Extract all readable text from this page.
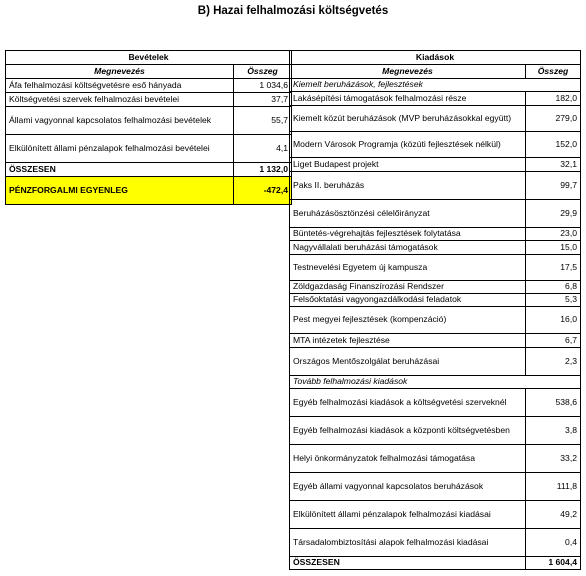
B) Hazai felhalmozási költségvetés
Bevételek	
Megnevezés	Összeg
Áfa felhalmozási költségvetésre eső hányada	1 034,6
Költségvetési szervek felhalmozási bevételei	37,7
Állami vagyonnal kapcsolatos felhalmozási bevételek	55,7
Elkülönített állami pénzalapok felhalmozási bevételei	4,1
ÖSSZESEN	1 132,0
PÉNZFORGALMI EGYENLEG	-472,4
Kiadások	
Megnevezés	Összeg
Kiemelt beruházások, fejlesztések	
Lakásépítési támogatások felhalmozási része	182,0
Kiemelt közút beruházások (MVP beruházásokkal együtt)	279,0
Modern Városok Programja (közúti fejlesztések nélkül)	152,0
Liget Budapest projekt	32,1
Paks II. beruházás	99,7
Beruházásösztönzési célelőirányzat	29,9
Büntetés-végrehajtás fejlesztések folytatása	23,0
Nagyvállalati beruházási támogatások	15,0
Testnevelési Egyetem új kampusza	17,5
Zöldgazdaság Finanszírozási Rendszer	6,8
Felsőoktatási vagyongazdálkodási feladatok	5,3
Pest megyei fejlesztések (kompenzáció)	16,0
MTA intézetek fejlesztése	6,7
Országos Mentőszolgálat beruházásai	2,3
Tovább felhalmozási kiadások	
Egyéb felhalmozási kiadások a költségvetési szerveknél	538,6
Egyéb felhalmozási kiadások a központi költségvetésben	3,8
Helyi önkormányzatok felhalmozási támogatása	33,2
Egyéb állami vagyonnal kapcsolatos beruházások	111,8
Elkülönített állami pénzalapok felhalmozási kiadásai	49,2
Társadalombiztosítási alapok felhalmozási kiadásai	0,4
ÖSSZESEN	1 604,4
